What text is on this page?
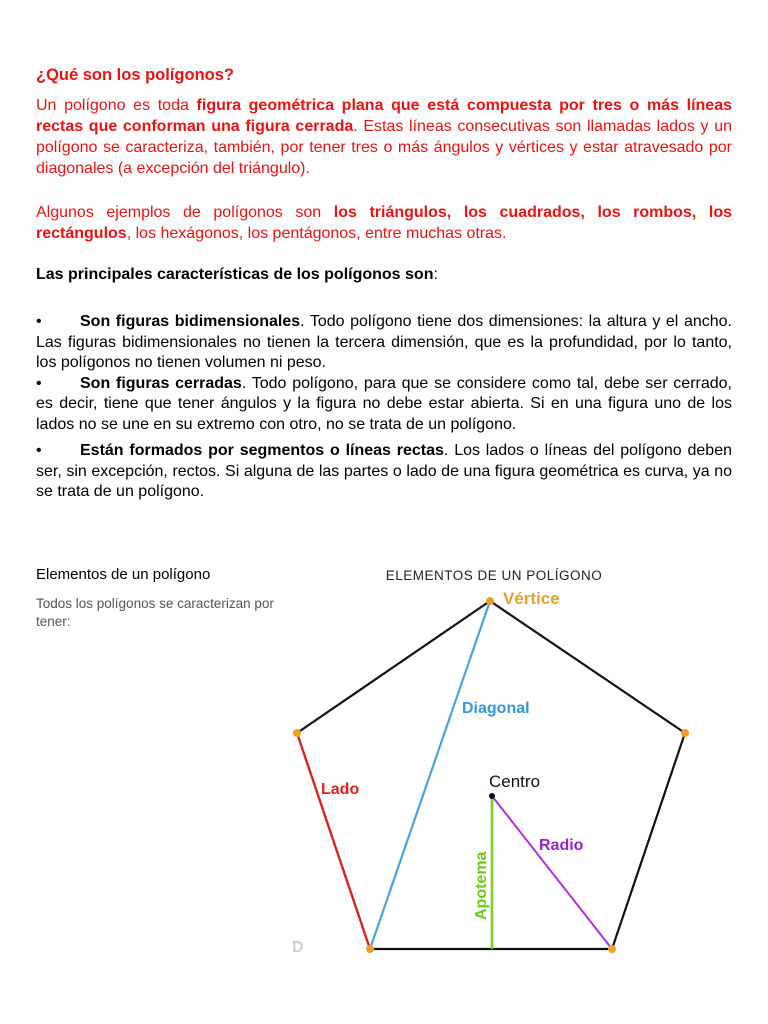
¿Qué son los polígonos?

Un polígono es toda figura geométrica plana que está compuesta por tres o más líneas rectas que conforman una figura cerrada. Estas líneas consecutivas son llamadas lados y un polígono se caracteriza, también, por tener tres o más ángulos y vértices y estar atravesado por diagonales (a excepción del triángulo).

Algunos ejemplos de polígonos son los triángulos, los cuadrados, los rombos, los rectángulos, los hexágonos, los pentágonos, entre muchas otras.

Las principales características de los polígonos son:
• Son figuras bidimensionales. Todo polígono tiene dos dimensiones: la altura y el ancho. Las figuras bidimensionales no tienen la tercera dimensión, que es la profundidad, por lo tanto, los polígonos no tienen volumen ni peso.
• Son figuras cerradas. Todo polígono, para que se considere como tal, debe ser cerrado, es decir, tiene que tener ángulos y la figura no debe estar abierta. Si en una figura uno de los lados no se une en su extremo con otro, no se trata de un polígono.
• Están formados por segmentos o líneas rectas. Los lados o líneas del polígono deben ser, sin excepción, rectos. Si alguna de las partes o lado de una figura geométrica es curva, ya no se trata de un polígono.
Elementos de un polígono
Todos los polígonos se caracterizan por tener:
ELEMENTOS DE UN POLÍGONO
Vértice
Diagonal
Lado	Centro
Radio
Apotema
D
